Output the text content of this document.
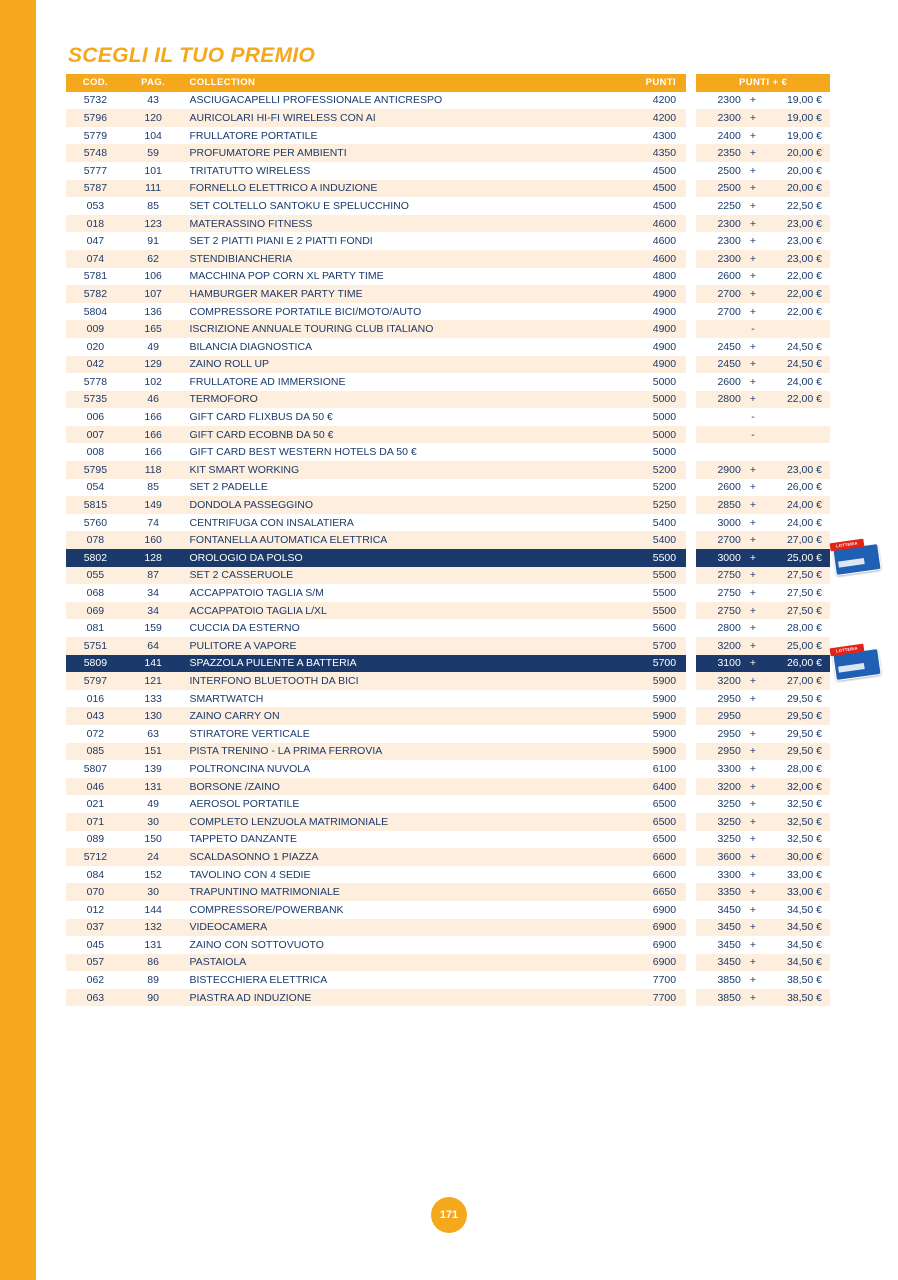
SCEGLI IL TUO PREMIO
COD.	PAG.	COLLECTION	PUNTI		PUNTI + €		
5732	43	ASCIUGACAPELLI PROFESSIONALE ANTICRESPO	4200		2300	+	19,00 €
5796	120	AURICOLARI HI-FI WIRELESS CON AI	4200		2300	+	19,00 €
5779	104	FRULLATORE PORTATILE	4300		2400	+	19,00 €
5748	59	PROFUMATORE PER AMBIENTI	4350		2350	+	20,00 €
5777	101	TRITATUTTO WIRELESS	4500		2500	+	20,00 €
5787	111	FORNELLO ELETTRICO A INDUZIONE	4500		2500	+	20,00 €
053	85	SET COLTELLO SANTOKU E SPELUCCHINO	4500		2250	+	22,50 €
018	123	MATERASSINO FITNESS	4600		2300	+	23,00 €
047	91	SET 2 PIATTI PIANI E 2 PIATTI FONDI	4600		2300	+	23,00 €
074	62	STENDIBIANCHERIA	4600		2300	+	23,00 €
5781	106	MACCHINA POP CORN XL PARTY TIME	4800		2600	+	22,00 €
5782	107	HAMBURGER MAKER PARTY TIME	4900		2700	+	22,00 €
5804	136	COMPRESSORE PORTATILE BICI/MOTO/AUTO	4900		2700	+	22,00 €
009	165	ISCRIZIONE ANNUALE TOURING CLUB ITALIANO	4900			-	
020	49	BILANCIA DIAGNOSTICA	4900		2450	+	24,50 €
042	129	ZAINO ROLL UP	4900		2450	+	24,50 €
5778	102	FRULLATORE AD IMMERSIONE	5000		2600	+	24,00 €
5735	46	TERMOFORO	5000		2800	+	22,00 €
006	166	GIFT CARD FLIXBUS DA 50 €	5000			-	
007	166	GIFT CARD ECOBNB DA 50 €	5000			-	
008	166	GIFT CARD BEST WESTERN HOTELS DA 50 €	5000				
5795	118	KIT SMART WORKING	5200		2900	+	23,00 €
054	85	SET 2 PADELLE	5200		2600	+	26,00 €
5815	149	DONDOLA PASSEGGINO	5250		2850	+	24,00 €
5760	74	CENTRIFUGA CON INSALATIERA	5400		3000	+	24,00 €
078	160	FONTANELLA AUTOMATICA ELETTRICA	5400		2700	+	27,00 €
5802	128	OROLOGIO DA POLSO	5500		3000	+	25,00 €
055	87	SET 2 CASSERUOLE	5500		2750	+	27,50 €
068	34	ACCAPPATOIO TAGLIA S/M	5500		2750	+	27,50 €
069	34	ACCAPPATOIO TAGLIA L/XL	5500		2750	+	27,50 €
081	159	CUCCIA DA ESTERNO	5600		2800	+	28,00 €
5751	64	PULITORE A VAPORE	5700		3200	+	25,00 €
5809	141	SPAZZOLA PULENTE A BATTERIA	5700		3100	+	26,00 €
5797	121	INTERFONO BLUETOOTH DA BICI	5900		3200	+	27,00 €
016	133	SMARTWATCH	5900		2950	+	29,50 €
043	130	ZAINO CARRY ON	5900		2950		29,50 €
072	63	STIRATORE VERTICALE	5900		2950	+	29,50 €
085	151	PISTA TRENINO - LA PRIMA FERROVIA	5900		2950	+	29,50 €
5807	139	POLTRONCINA NUVOLA	6100		3300	+	28,00 €
046	131	BORSONE /ZAINO	6400		3200	+	32,00 €
021	49	AEROSOL PORTATILE	6500		3250	+	32,50 €
071	30	COMPLETO LENZUOLA MATRIMONIALE	6500		3250	+	32,50 €
089	150	TAPPETO DANZANTE	6500		3250	+	32,50 €
5712	24	SCALDASONNO 1 PIAZZA	6600		3600	+	30,00 €
084	152	TAVOLINO CON 4 SEDIE	6600		3300	+	33,00 €
070	30	TRAPUNTINO MATRIMONIALE	6650		3350	+	33,00 €
012	144	COMPRESSORE/POWERBANK	6900		3450	+	34,50 €
037	132	VIDEOCAMERA	6900		3450	+	34,50 €
045	131	ZAINO CON SOTTOVUOTO	6900		3450	+	34,50 €
057	86	PASTAIOLA	6900		3450	+	34,50 €
062	89	BISTECCHIERA ELETTRICA	7700		3850	+	38,50 €
063	90	PIASTRA AD INDUZIONE	7700		3850	+	38,50 €
171
LOTTERIA
LOTTERIA
